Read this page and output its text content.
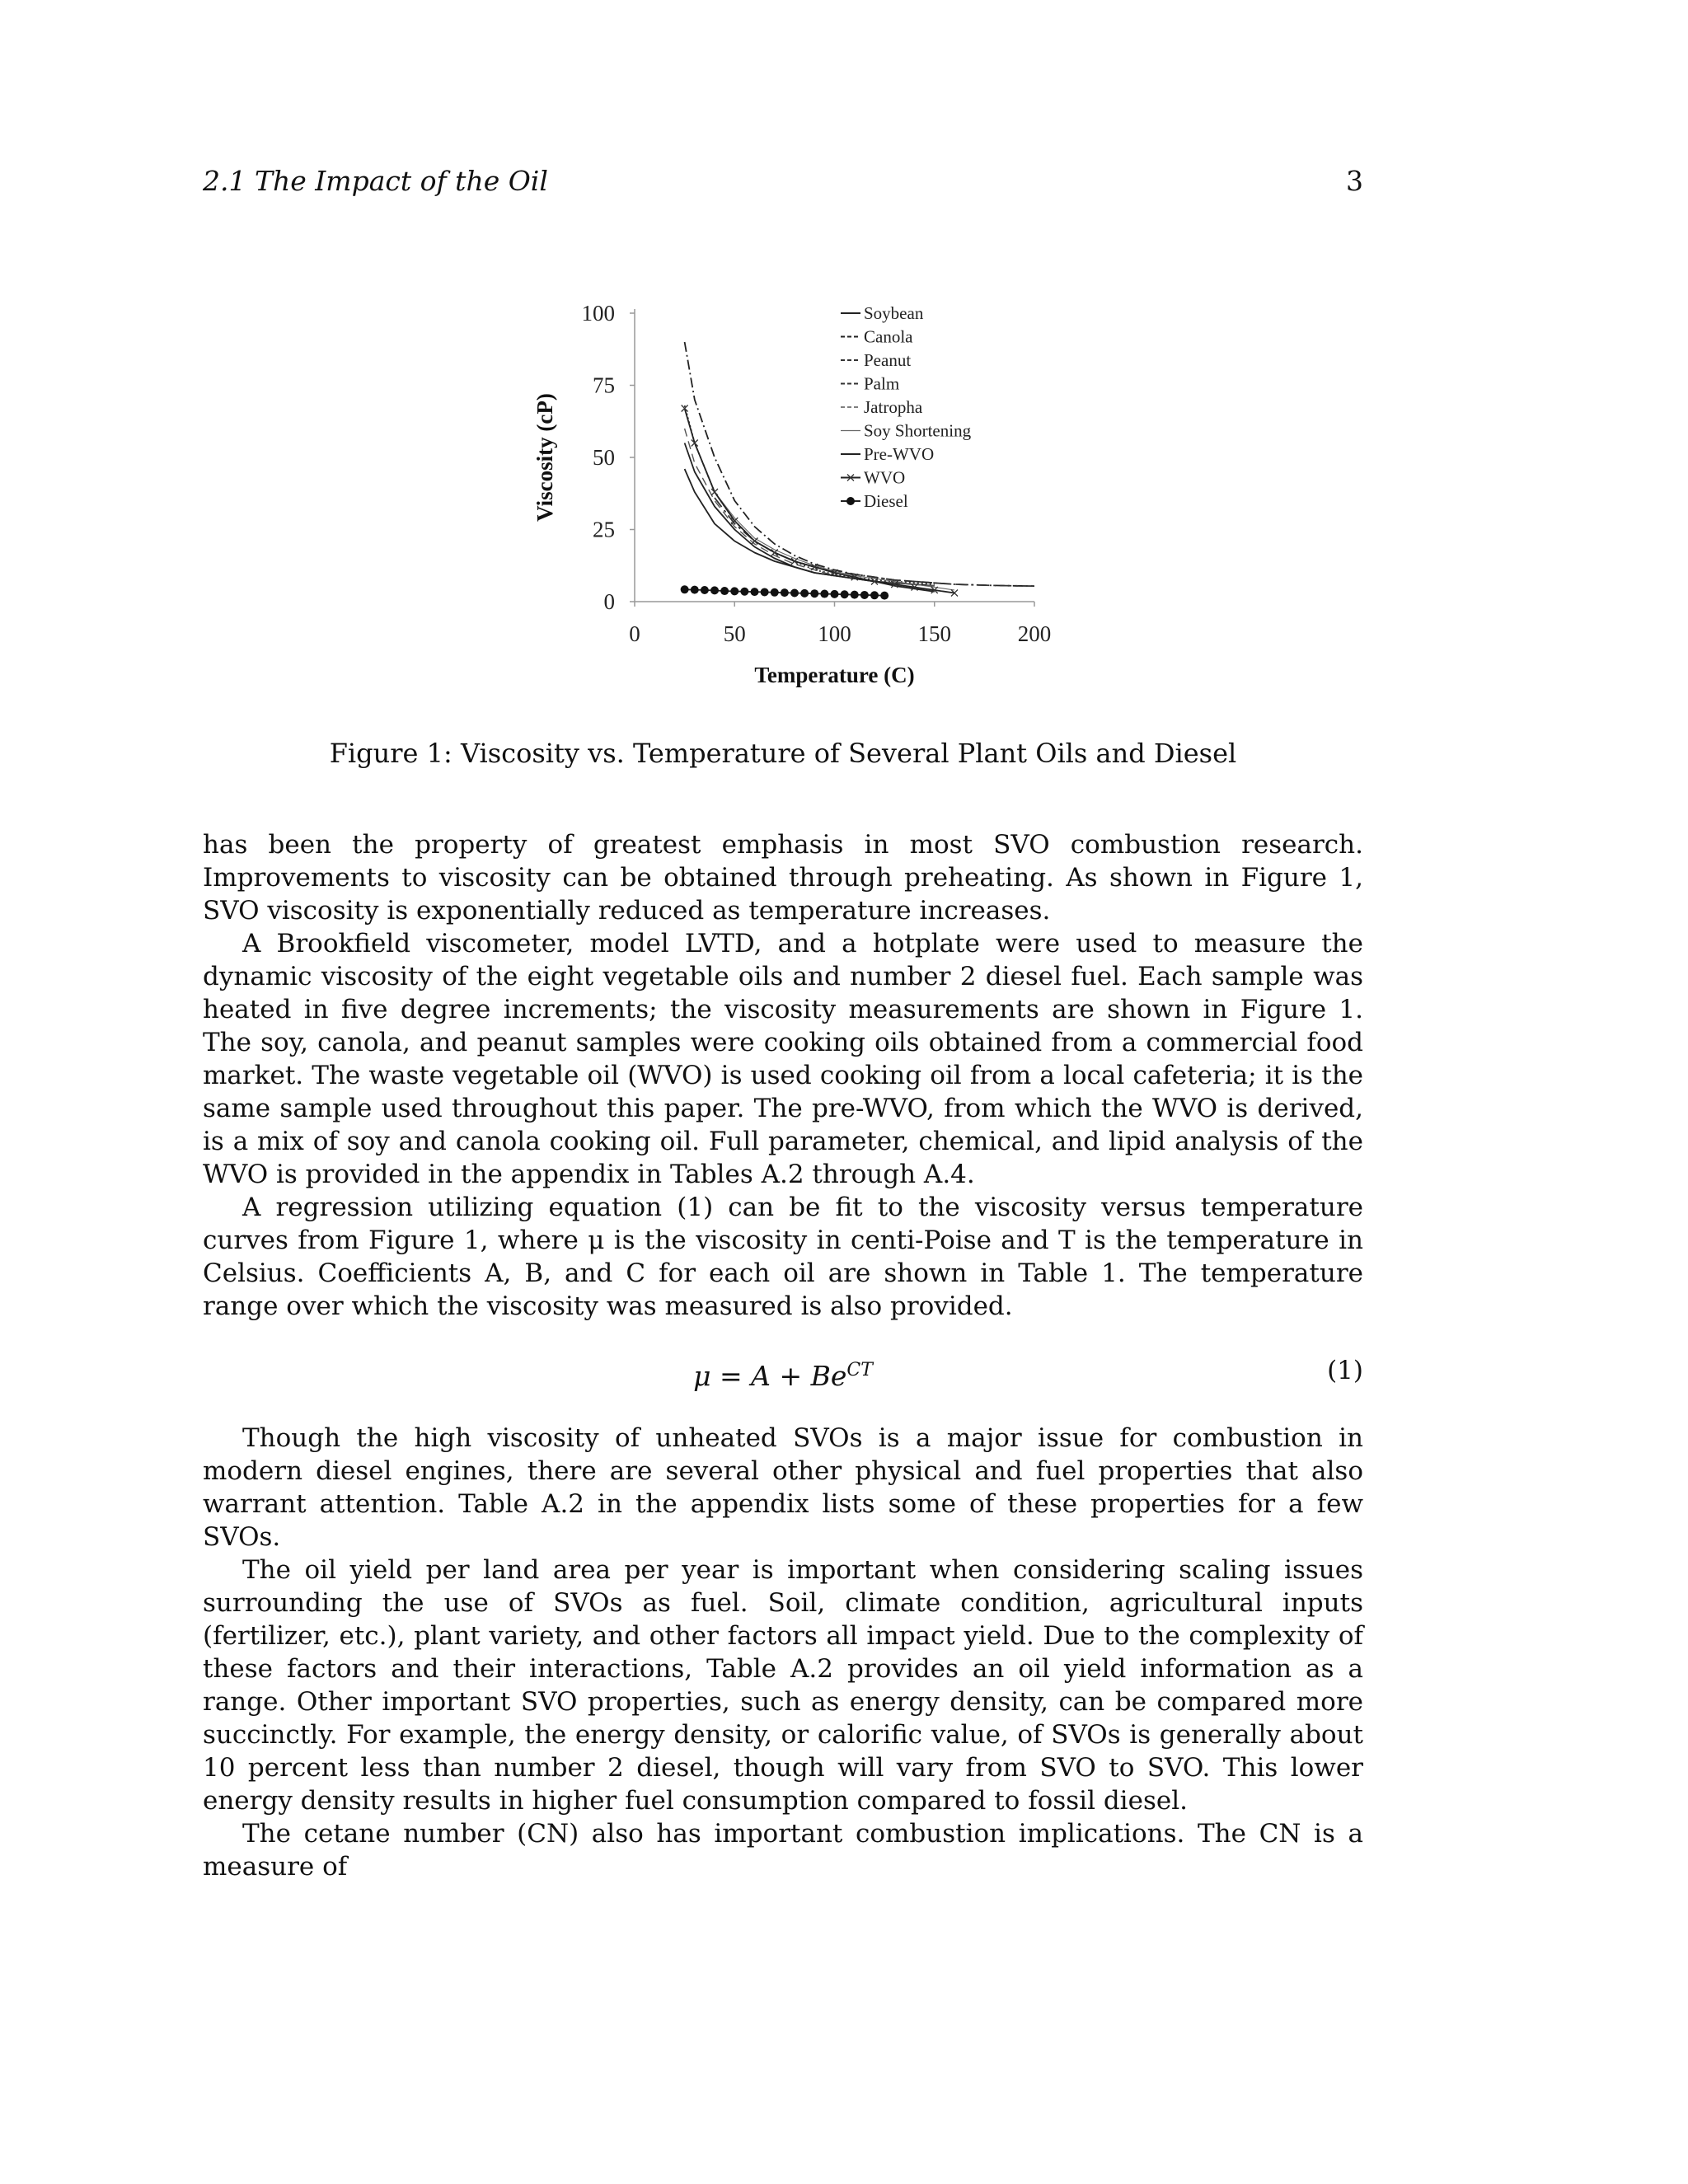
2.1 The Impact of the Oil	3
0
25
50
75
100
0	50	100	150	200
Temperature (C)
Viscosity (cP)
Soybean
Canola
Peanut
Palm
Jatropha
Soy Shortening
Pre-WVO
WVO
Diesel
Figure 1: Viscosity vs. Temperature of Several Plant Oils and Diesel

has been the property of greatest emphasis in most SVO combustion research. Improvements to viscosity can be obtained through preheating. As shown in Figure 1, SVO viscosity is exponentially reduced as temperature increases.

A Brookfield viscometer, model LVTD, and a hotplate were used to measure the dynamic viscosity of the eight vegetable oils and number 2 diesel fuel. Each sample was heated in five degree increments; the viscosity measurements are shown in Figure 1. The soy, canola, and peanut samples were cooking oils obtained from a commercial food market. The waste vegetable oil (WVO) is used cooking oil from a local cafeteria; it is the same sample used throughout this paper. The pre-WVO, from which the WVO is derived, is a mix of soy and canola cooking oil. Full parameter, chemical, and lipid analysis of the WVO is provided in the appendix in Tables A.2 through A.4.

A regression utilizing equation (1) can be fit to the viscosity versus temperature curves from Figure 1, where μ is the viscosity in centi-Poise and T is the temperature in Celsius. Coefficients A, B, and C for each oil are shown in Table 1. The temperature range over which the viscosity was measured is also provided.

$\mu = A + Be^{CT}$	(1)

Though the high viscosity of unheated SVOs is a major issue for combustion in modern diesel engines, there are several other physical and fuel properties that also warrant attention. Table A.2 in the appendix lists some of these properties for a few SVOs.

The oil yield per land area per year is important when considering scaling issues surrounding the use of SVOs as fuel. Soil, climate condition, agricultural inputs (fertilizer, etc.), plant variety, and other factors all impact yield. Due to the complexity of these factors and their interactions, Table A.2 provides an oil yield information as a range. Other important SVO properties, such as energy density, can be compared more succinctly. For example, the energy density, or calorific value, of SVOs is generally about 10 percent less than number 2 diesel, though will vary from SVO to SVO. This lower energy density results in higher fuel consumption compared to fossil diesel.

The cetane number (CN) also has important combustion implications. The CN is a measure of
